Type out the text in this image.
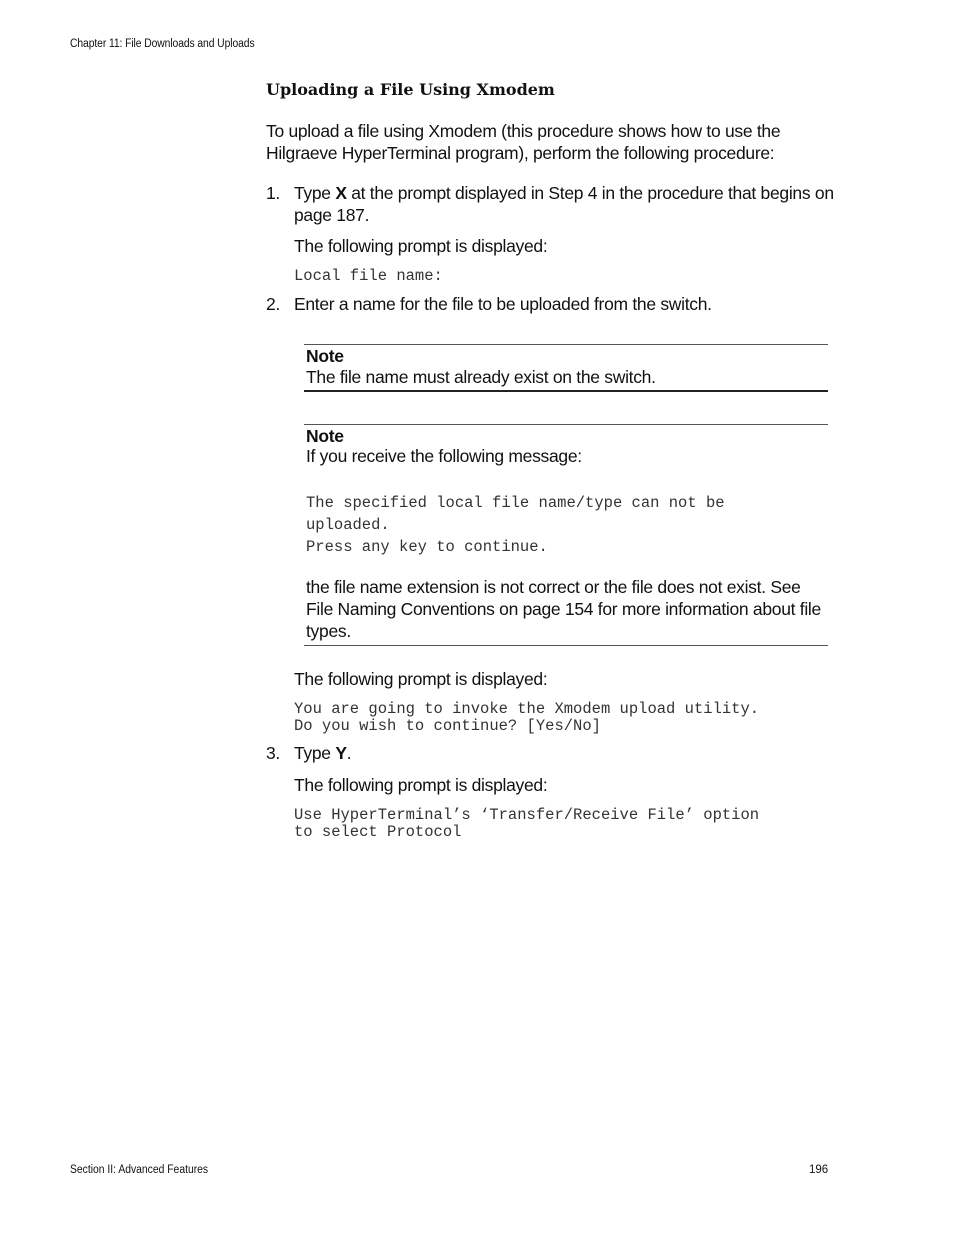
Chapter 11: File Downloads and Uploads
Uploading a File Using Xmodem
To upload a file using Xmodem (this procedure shows how to use the Hilgraeve HyperTerminal program), perform the following procedure:
1. Type X at the prompt displayed in Step 4 in the procedure that begins on page 187.
The following prompt is displayed:
Local file name:
2. Enter a name for the file to be uploaded from the switch.
Note
The file name must already exist on the switch.
Note
If you receive the following message:
The specified local file name/type can not be
uploaded.
Press any key to continue.
the file name extension is not correct or the file does not exist. See File Naming Conventions on page 154 for more information about file types.
The following prompt is displayed:
You are going to invoke the Xmodem upload utility.
Do you wish to continue? [Yes/No]
3. Type Y.
The following prompt is displayed:
Use HyperTerminal’s ‘Transfer/Receive File’ option
to select Protocol
Section II: Advanced Features	196
